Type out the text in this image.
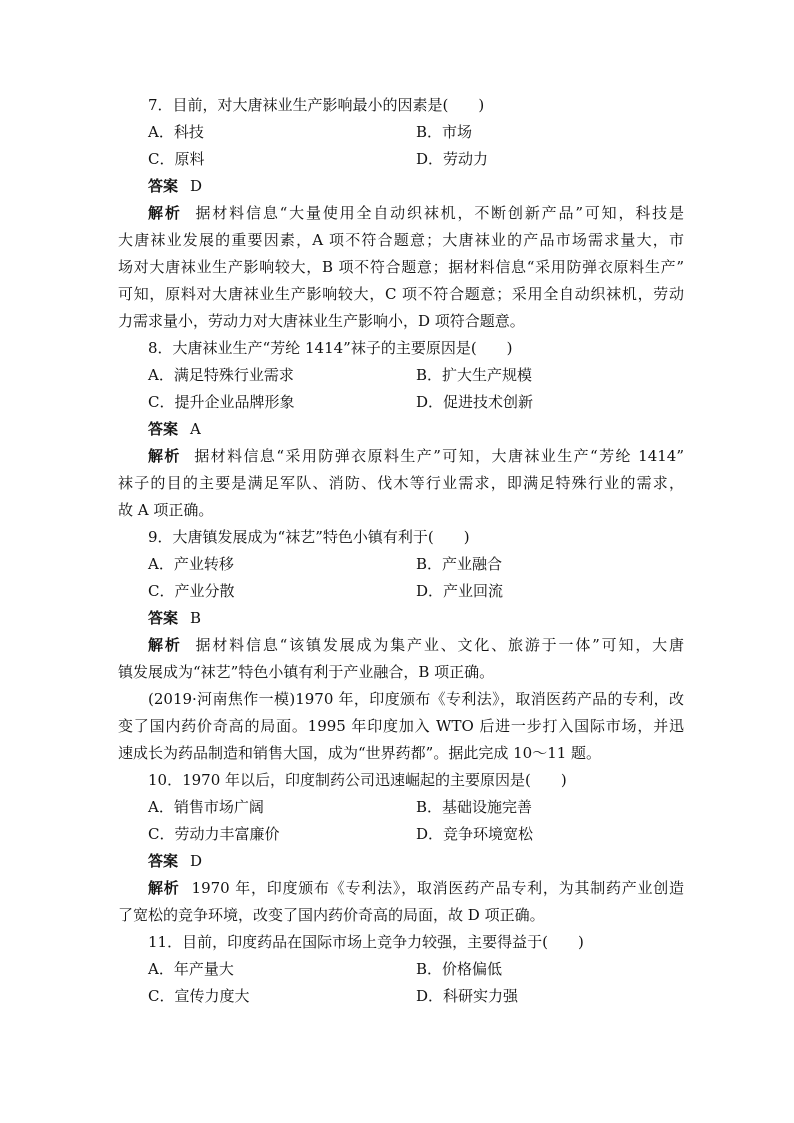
7．目前，对大唐袜业生产影响最小的因素是(　　)
A．科技	B．市场
C．原料	D．劳动力
答案 D
解析 据材料信息“大量使用全自动织袜机，不断创新产品”可知，科技是
大唐袜业发展的重要因素，A 项不符合题意；大唐袜业的产品市场需求量大，市
场对大唐袜业生产影响较大，B 项不符合题意；据材料信息“采用防弹衣原料生产”
可知，原料对大唐袜业生产影响较大，C 项不符合题意；采用全自动织袜机，劳动
力需求量小，劳动力对大唐袜业生产影响小，D 项符合题意。
8．大唐袜业生产“芳纶 1414”袜子的主要原因是(　　)
A．满足特殊行业需求	B．扩大生产规模
C．提升企业品牌形象	D．促进技术创新
答案 A
解析 据材料信息“采用防弹衣原料生产”可知，大唐袜业生产“芳纶 1414”
袜子的目的主要是满足军队、消防、伐木等行业需求，即满足特殊行业的需求，
故 A 项正确。
9．大唐镇发展成为“袜艺”特色小镇有利于(　　)
A．产业转移	B．产业融合
C．产业分散	D．产业回流
答案 B
解析 据材料信息“该镇发展成为集产业、文化、旅游于一体”可知，大唐
镇发展成为“袜艺”特色小镇有利于产业融合，B 项正确。
(2019·河南焦作一模)1970 年，印度颁布《专利法》，取消医药产品的专利，改
变了国内药价奇高的局面。1995 年印度加入 WTO 后进一步打入国际市场，并迅
速成长为药品制造和销售大国，成为“世界药都”。据此完成 10～11 题。
10．1970 年以后，印度制药公司迅速崛起的主要原因是(　　)
A．销售市场广阔	B．基础设施完善
C．劳动力丰富廉价	D．竞争环境宽松
答案 D
解析 1970 年，印度颁布《专利法》，取消医药产品专利，为其制药产业创造
了宽松的竞争环境，改变了国内药价奇高的局面，故 D 项正确。
11．目前，印度药品在国际市场上竞争力较强，主要得益于(　　)
A．年产量大	B．价格偏低
C．宣传力度大	D．科研实力强
